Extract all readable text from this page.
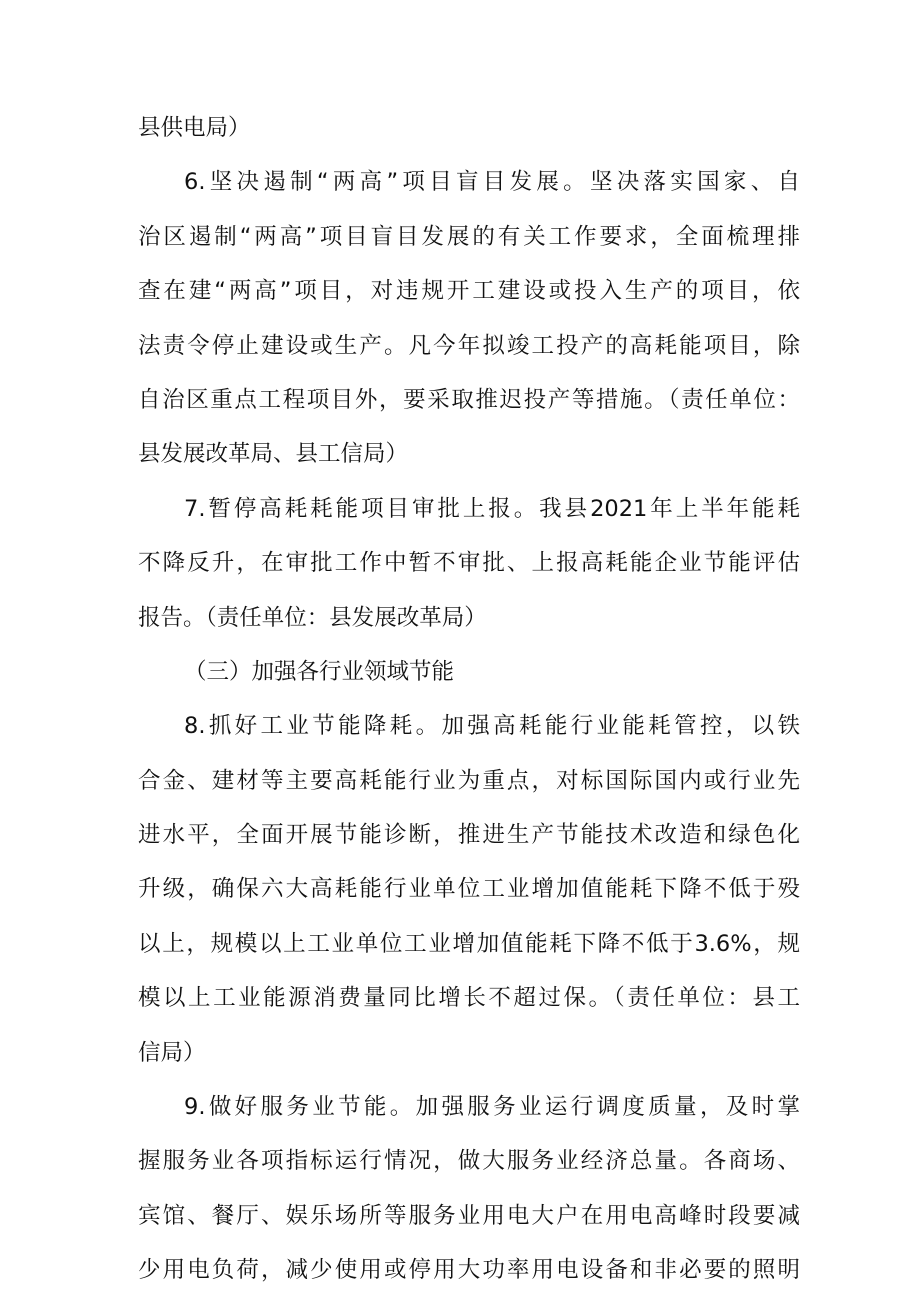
县供电局）
6.坚决遏制“两高”项目盲目发展。坚决落实国家、自
治区遏制“两高”项目盲目发展的有关工作要求，全面梳理排
查在建“两高”项目，对违规开工建设或投入生产的项目，依
法责令停止建设或生产。凡今年拟竣工投产的高耗能项目，除
自治区重点工程项目外，要采取推迟投产等措施。（责任单位：
县发展改革局、县工信局）
7.暂停高耗耗能项目审批上报。我县2021年上半年能耗
不降反升，在审批工作中暂不审批、上报高耗能企业节能评估
报告。（责任单位：县发展改革局）
（三）加强各行业领域节能
8.抓好工业节能降耗。加强高耗能行业能耗管控，以铁
合金、建材等主要高耗能行业为重点，对标国际国内或行业先
进水平，全面开展节能诊断，推进生产节能技术改造和绿色化
升级，确保六大高耗能行业单位工业增加值能耗下降不低于殁
以上，规模以上工业单位工业增加值能耗下降不低于3.6%，规
模以上工业能源消费量同比增长不超过保。（责任单位：县工
信局）
9.做好服务业节能。加强服务业运行调度质量，及时掌
握服务业各项指标运行情况，做大服务业经济总量。各商场、
宾馆、餐厅、娱乐场所等服务业用电大户在用电高峰时段要减
少用电负荷，减少使用或停用大功率用电设备和非必要的照明
